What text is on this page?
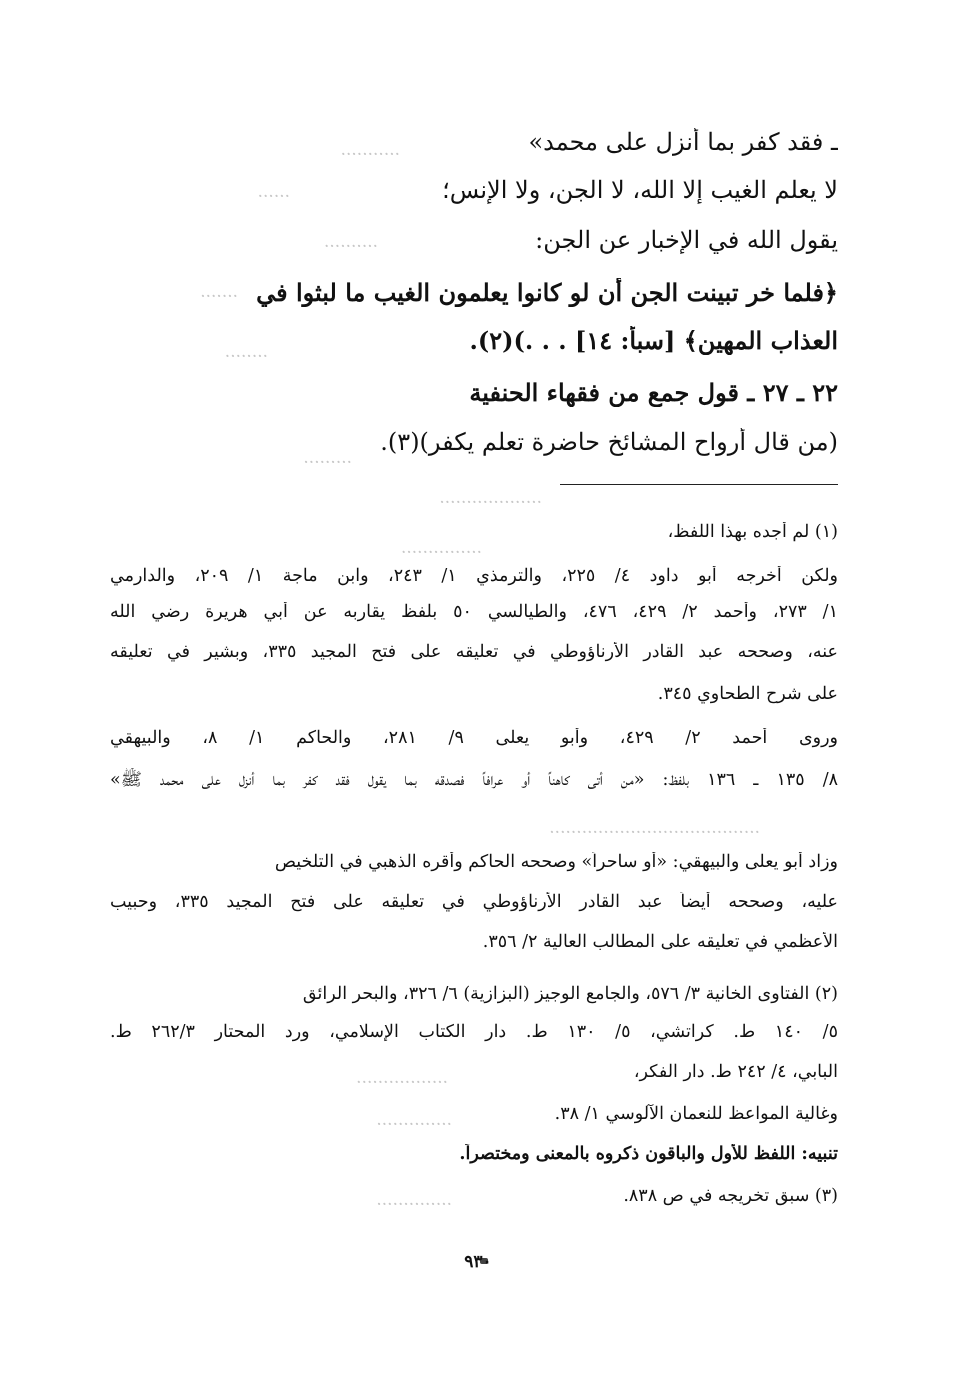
...........
......
..........
.......
........
.........
...................
ـ فقد كفر بما أنزل على محمد»
لا يعلم الغيب إلا الله، لا الجن، ولا الإنس؛
يقول الله في الإخبار عن الجن:
﴿فلما خر تبينت الجن أن لو كانوا يعلمون الغيب ما لبثوا في
العذاب المهين﴾ [سبأ: ١٤] . . .)(٢).
٢٢ ـ ٢٧ ـ قول جمع من فقهاء الحنفية
(من قال أرواح المشائخ حاضرة تعلم يكفر)(٣).
(١) لم أجده بهذا اللفظ،
ولكن أخرجه أبو داود ٤/ ٢٢٥، والترمذي ١/ ٢٤٣، وابن ماجة ١/ ٢٠٩، والدارمي
١/ ٢٧٣، وأحمد ٢/ ٤٢٩، ٤٧٦، والطيالسي ٥٠ بلفظ يقاربه عن أبي هريرة رضي الله
عنه، وصححه عبد القادر الأرناؤوطي في تعليقه على فتح المجيد ٣٣٥، وبشير في تعليقه
على شرح الطحاوي ٣٤٥.
وروى أحمد ٢/ ٤٢٩، وأبو يعلى ٩/ ٢٨١، والحاكم ١/ ٨، والبيهقي
٨/ ١٣٥ ـ ١٣٦ بلفظ: «من أتى كاهناً أو عرافاً فصدقه بما يقول فقد كفر بما أنزل على محمد ﷺ»
وزاد أبو يعلى والبيهقي: «أو ساحراً» وصححه الحاكم وأقره الذهبي في التلخيص
عليه، وصححه أيضاً عبد القادر الأرناؤوطي في تعليقه على فتح المجيد ٣٣٥، وحبيب
الأعظمي في تعليقه على المطالب العالية ٢/ ٣٥٦.
(٢) الفتاوى الخانية ٣/ ٥٧٦، والجامع الوجيز (البزازية) ٦/ ٣٢٦، والبحر الرائق
٥/ ١٤٠ ط. كراتشي، ٥/ ١٣٠ ط. دار الكتاب الإسلامي، ورد المحتار ٢٦٢/٣ ط.
البابي، ٤/ ٢٤٢ ط. دار الفكر،
وغالية المواعظ للنعمان الآلوسي ١/ ٣٨.
تنبيه: اللفظ للأول والباقون ذكروه بالمعنى ومختصراً.
(٣) سبق تخريجه في ص ٨٣٨.
...............
.......................................
.................
..............
..............
٩٣٠
